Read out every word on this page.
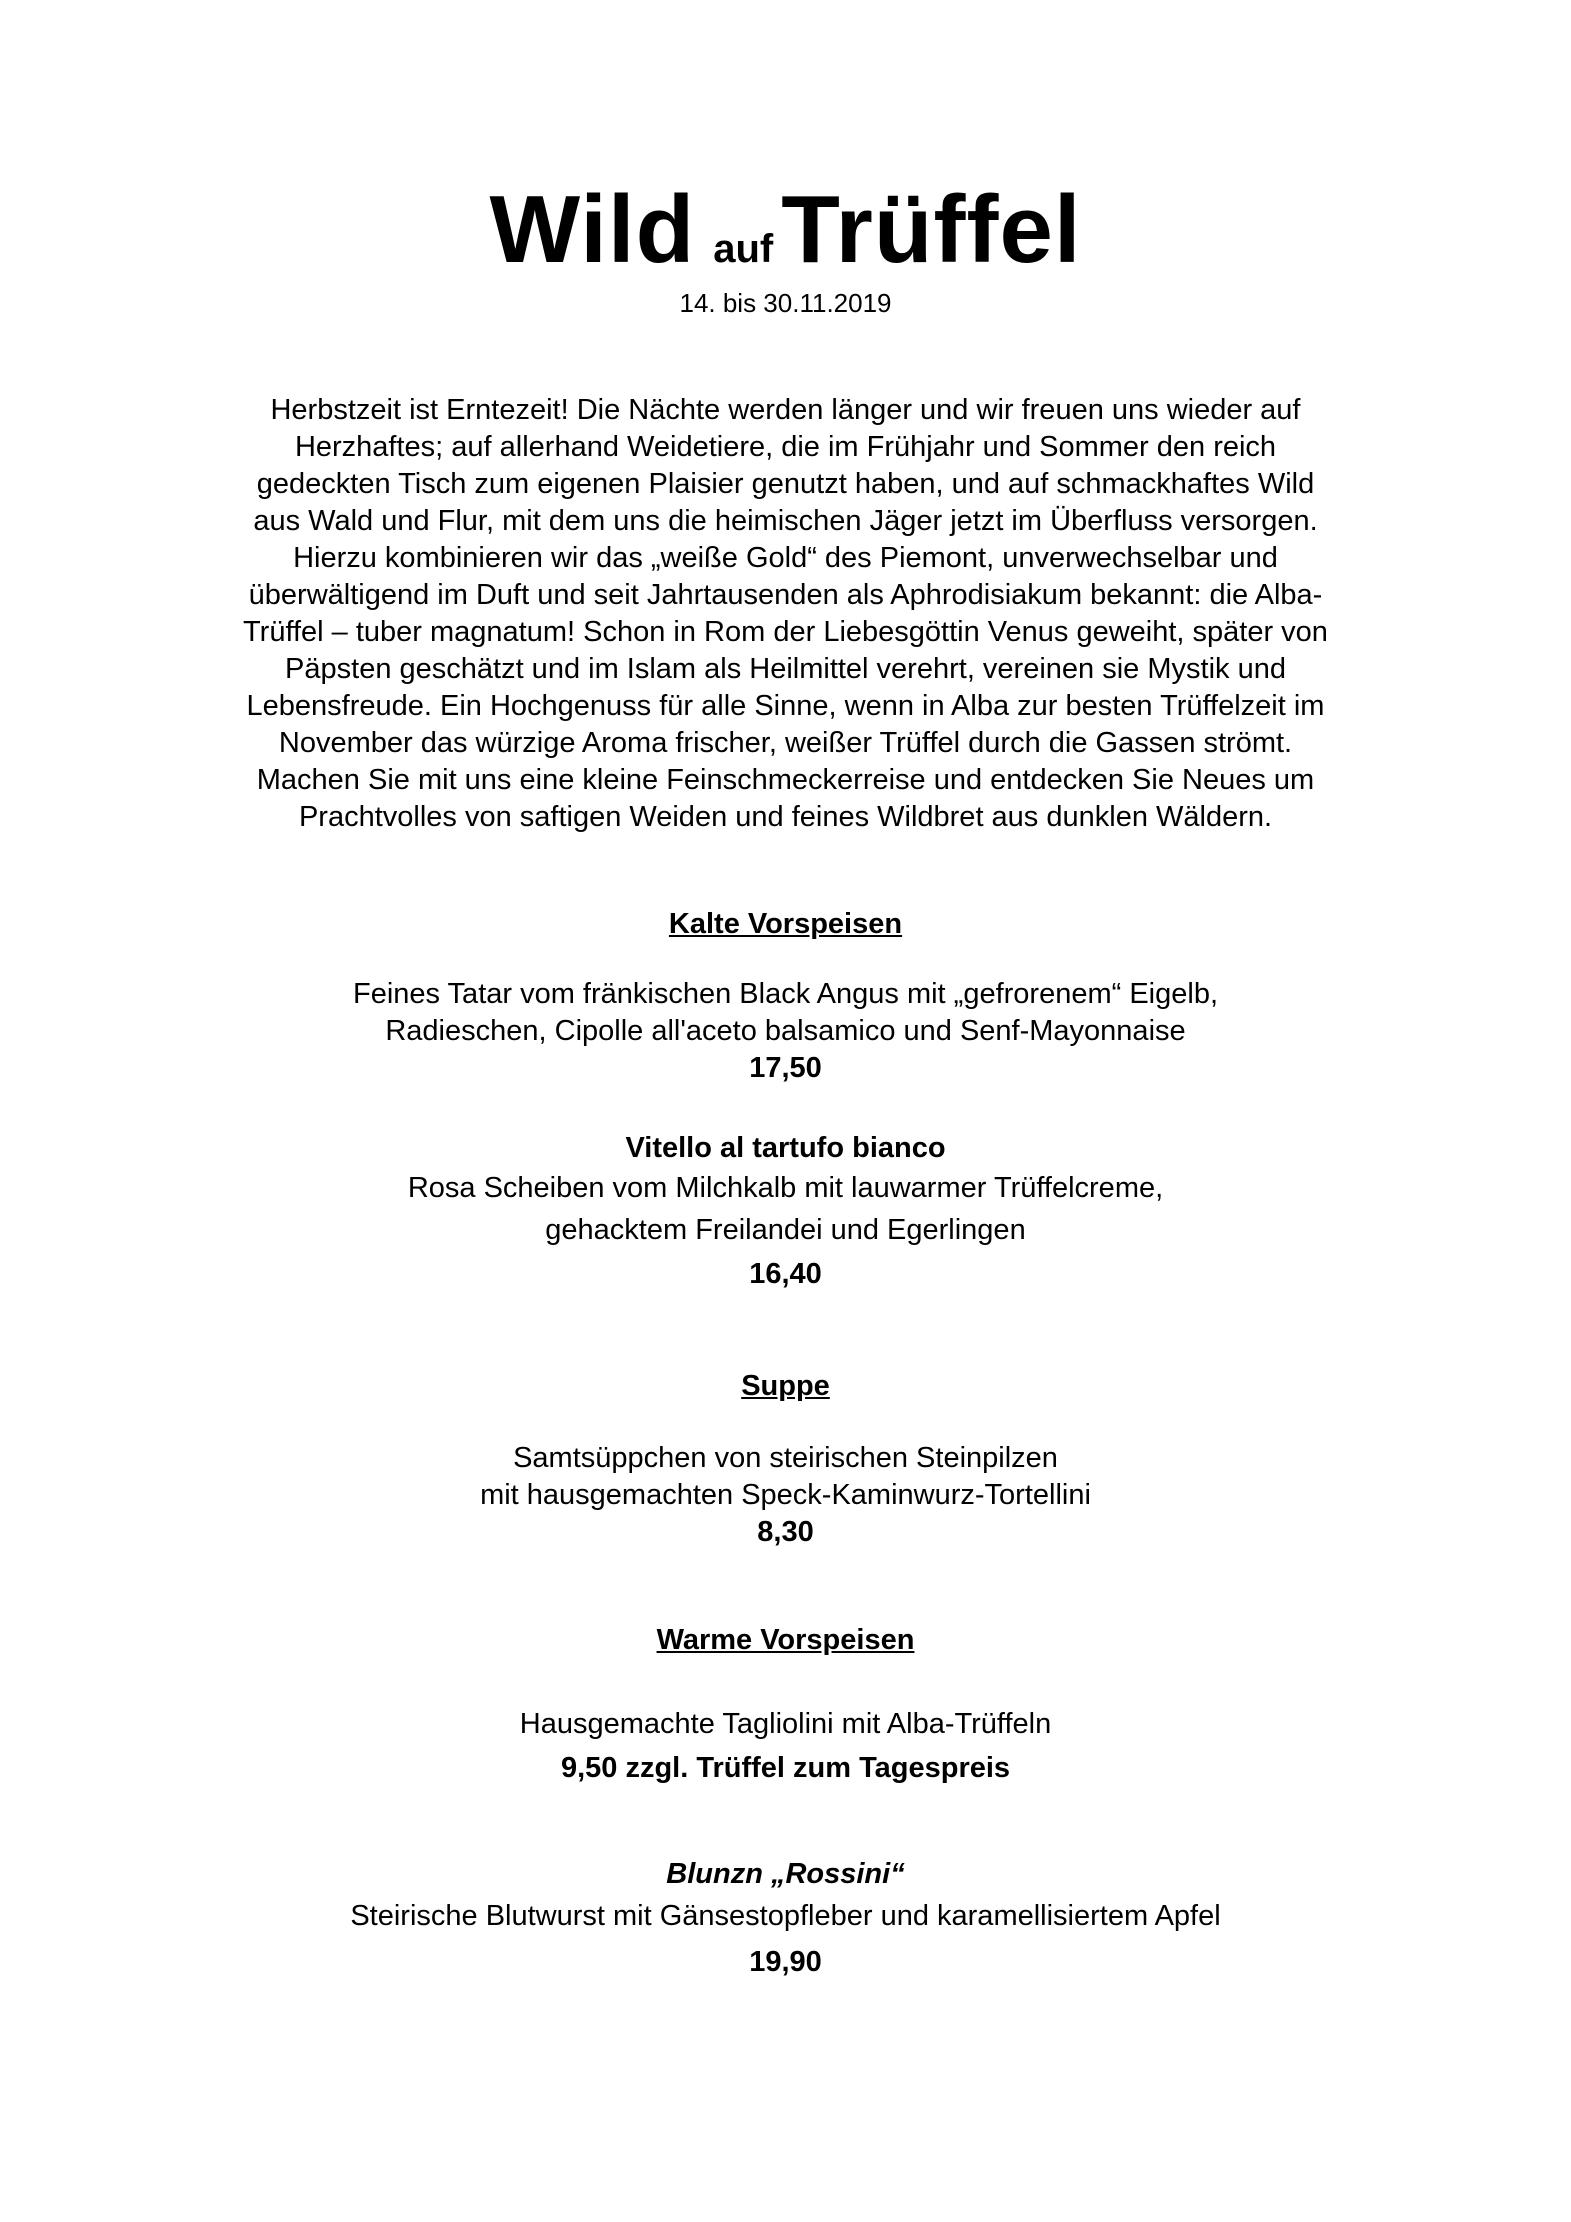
Wild aufTrüffel
14. bis 30.11.2019
Herbstzeit ist Erntezeit! Die Nächte werden länger und wir freuen uns wieder auf
Herzhaftes; auf allerhand Weidetiere, die im Frühjahr und Sommer den reich
gedeckten Tisch zum eigenen Plaisier genutzt haben, und auf schmackhaftes Wild
aus Wald und Flur, mit dem uns die heimischen Jäger jetzt im Überfluss versorgen.
Hierzu kombinieren wir das „weiße Gold“ des Piemont, unverwechselbar und
überwältigend im Duft und seit Jahrtausenden als Aphrodisiakum bekannt: die Alba-
Trüffel – tuber magnatum! Schon in Rom der Liebesgöttin Venus geweiht, später von
Päpsten geschätzt und im Islam als Heilmittel verehrt, vereinen sie Mystik und
Lebensfreude. Ein Hochgenuss für alle Sinne, wenn in Alba zur besten Trüffelzeit im
November das würzige Aroma frischer, weißer Trüffel durch die Gassen strömt.
Machen Sie mit uns eine kleine Feinschmeckerreise und entdecken Sie Neues um
Prachtvolles von saftigen Weiden und feines Wildbret aus dunklen Wäldern.
Kalte Vorspeisen
Feines Tatar vom fränkischen Black Angus mit „gefrorenem“ Eigelb,
Radieschen, Cipolle all'aceto balsamico und Senf-Mayonnaise
17,50
Vitello al tartufo bianco
Rosa Scheiben vom Milchkalb mit lauwarmer Trüffelcreme,
gehacktem Freilandei und Egerlingen
16,40
Suppe
Samtsüppchen von steirischen Steinpilzen
mit hausgemachten Speck-Kaminwurz-Tortellini
8,30
Warme Vorspeisen
Hausgemachte Tagliolini mit Alba-Trüffeln
9,50 zzgl. Trüffel zum Tagespreis
Blunzn „Rossini“
Steirische Blutwurst mit Gänsestopfleber und karamellisiertem Apfel
19,90
